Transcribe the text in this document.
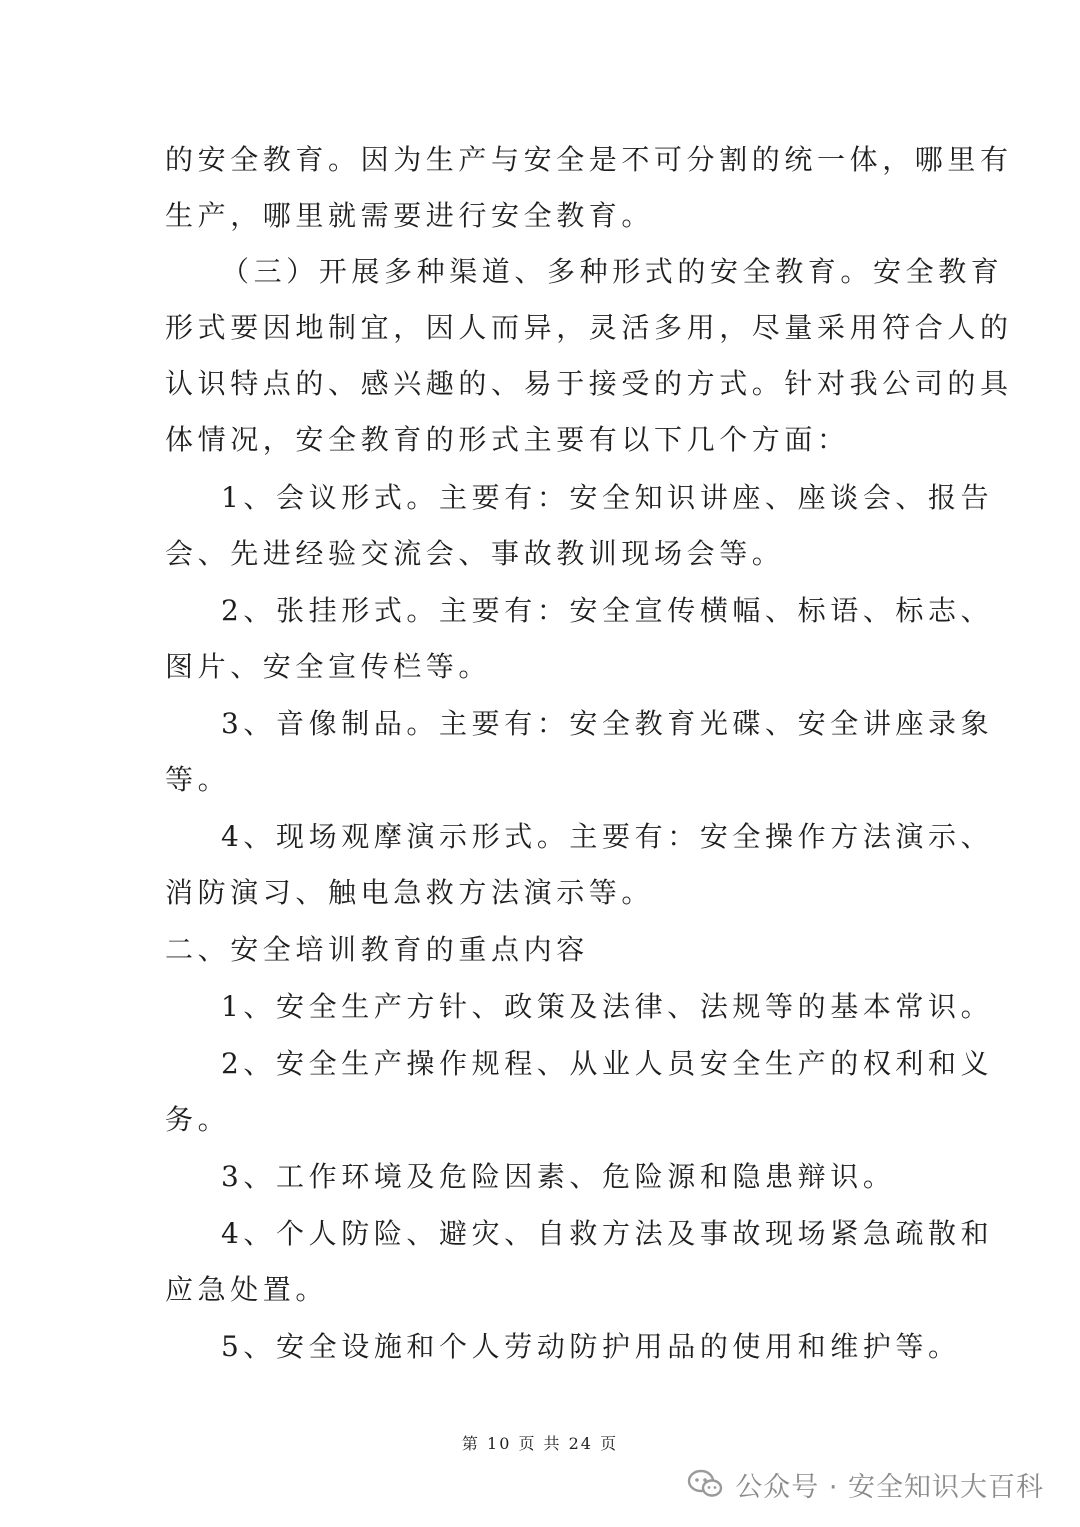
的安全教育。因为生产与安全是不可分割的统一体，哪里有
生产，哪里就需要进行安全教育。
（三）开展多种渠道、多种形式的安全教育。安全教育
形式要因地制宜，因人而异，灵活多用，尽量采用符合人的
认识特点的、感兴趣的、易于接受的方式。针对我公司的具
体情况，安全教育的形式主要有以下几个方面：
1、会议形式。主要有：安全知识讲座、座谈会、报告
会、先进经验交流会、事故教训现场会等。
2、张挂形式。主要有：安全宣传横幅、标语、标志、
图片、安全宣传栏等。
3、音像制品。主要有：安全教育光碟、安全讲座录象
等。
4、现场观摩演示形式。主要有：安全操作方法演示、
消防演习、触电急救方法演示等。
二、安全培训教育的重点内容
1、安全生产方针、政策及法律、法规等的基本常识。
2、安全生产操作规程、从业人员安全生产的权利和义
务。
3、工作环境及危险因素、危险源和隐患辩识。
4、个人防险、避灾、自救方法及事故现场紧急疏散和
应急处置。
5、安全设施和个人劳动防护用品的使用和维护等。
第 10 页 共 24 页
公众号 · 安全知识大百科
